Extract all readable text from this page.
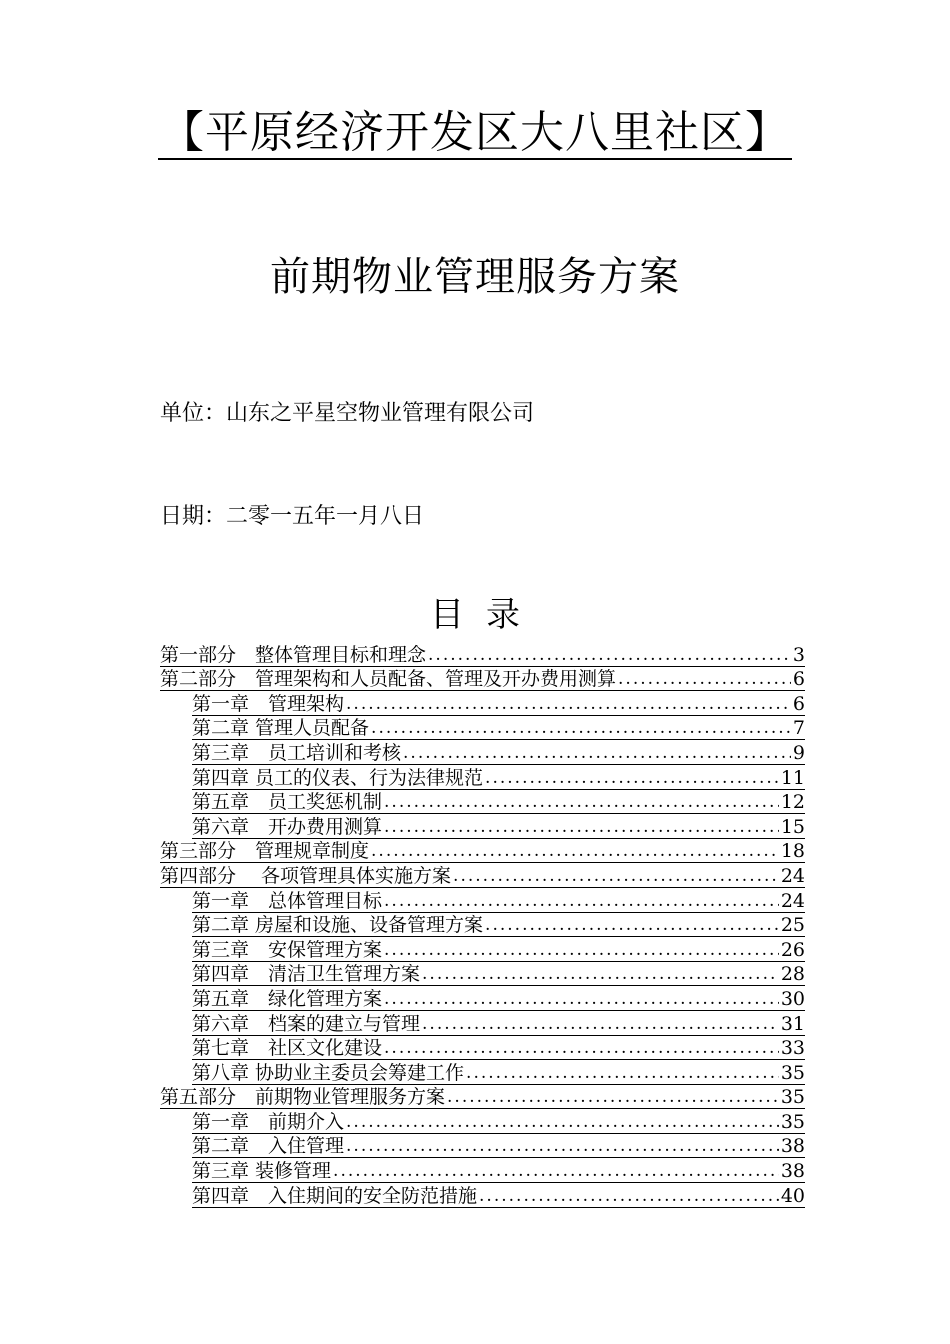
【平原经济开发区大八里社区】
前期物业管理服务方案
单位：山东之平星空物业管理有限公司
日期：二零一五年一月八日
目录
第一部分　整体管理目标和理念 .....	3
第二部分　管理架构和人员配备、管理及开办费用测算 .....	6
第一章　管理架构 .....	6
第二章 管理人员配备 .....	7
第三章　员工培训和考核 .....	9
第四章 员工的仪表、行为法律规范 .....	11
第五章　员工奖惩机制 .....	12
第六章　开办费用测算 .....	15
第三部分　管理规章制度 .....	18
第四部分　 各项管理具体实施方案 .....	24
第一章　总体管理目标 .....	24
第二章 房屋和设施、设备管理方案 .....	25
第三章　安保管理方案 .....	26
第四章　清洁卫生管理方案 .....	28
第五章　绿化管理方案 .....	30
第六章　档案的建立与管理 .....	31
第七章　社区文化建设 .....	33
第八章 协助业主委员会筹建工作 .....	35
第五部分　前期物业管理服务方案 .....	35
第一章　前期介入 .....	35
第二章　入住管理 .....	38
第三章 装修管理 .....	38
第四章　入住期间的安全防范措施 .....	40
